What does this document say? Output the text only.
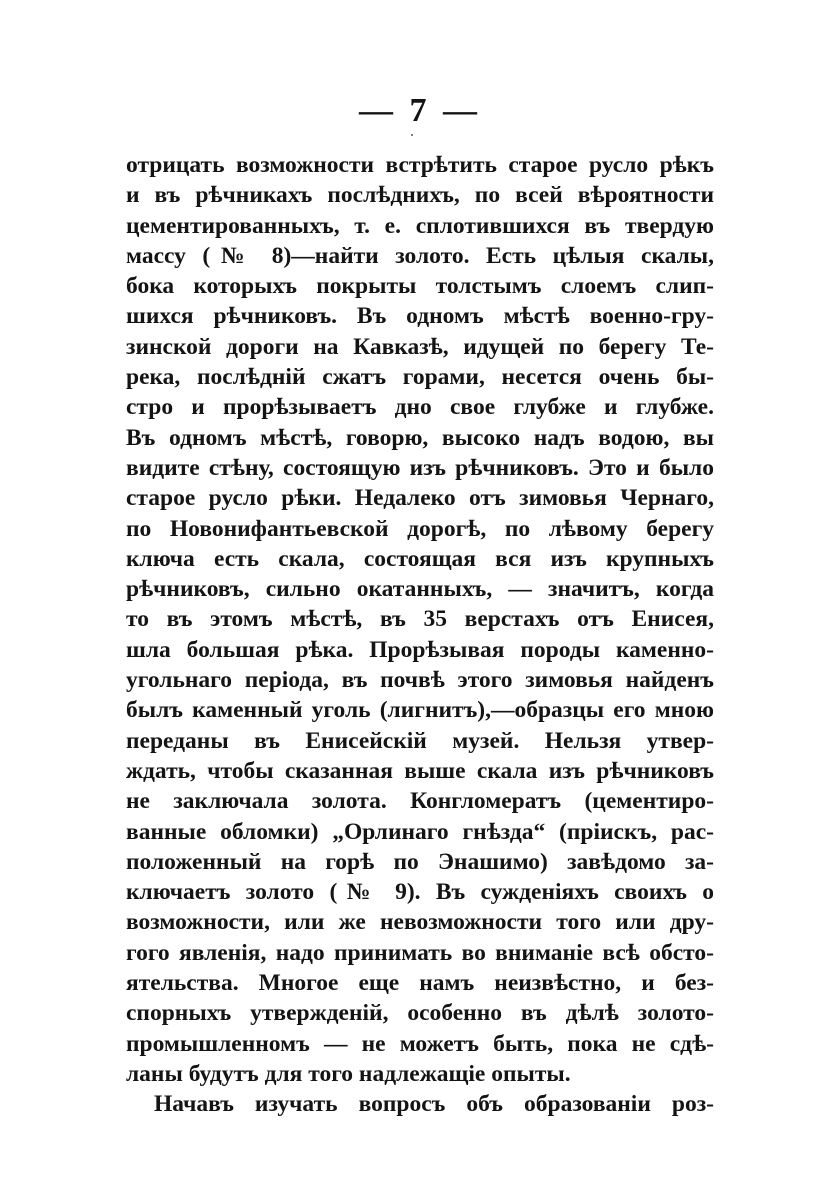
— 7 —
отрицать возможности встрѣтить старое русло рѣкъ
и въ рѣчникахъ послѣднихъ, по всей вѣроятности
цементированныхъ, т. е. сплотившихся въ твердую
массу (№ 8)—найти золото. Есть цѣлыя скалы,
бока которыхъ покрыты толстымъ слоемъ слип-
шихся рѣчниковъ. Въ одномъ мѣстѣ военно-гру-
зинской дороги на Кавказѣ, идущей по берегу Те-
река, послѣдній сжатъ горами, несется очень бы-
стро и прорѣзываетъ дно свое глубже и глубже.
Въ одномъ мѣстѣ, говорю, высоко надъ водою, вы
видите стѣну, состоящую изъ рѣчниковъ. Это и было
старое русло рѣки. Недалеко отъ зимовья Чернаго,
по Новонифантьевской дорогѣ, по лѣвому берегу
ключа есть скала, состоящая вся изъ крупныхъ
рѣчниковъ, сильно окатанныхъ, — значитъ, когда
то въ этомъ мѣстѣ, въ 35 верстахъ отъ Енисея,
шла большая рѣка. Прорѣзывая породы каменно-
угольнаго періода, въ почвѣ этого зимовья найденъ
былъ каменный уголь (лигнитъ),—образцы его мною
переданы въ Енисейскій музей. Нельзя утвер-
ждать, чтобы сказанная выше скала изъ рѣчниковъ
не заключала золота. Конгломератъ (цементиро-
ванные обломки) „Орлинаго гнѣзда“ (пріискъ, рас-
положенный на горѣ по Энашимо) завѣдомо за-
ключаетъ золото (№ 9). Въ сужденіяхъ своихъ о
возможности, или же невозможности того или дру-
гого явленія, надо принимать во вниманіе всѣ обсто-
ятельства. Многое еще намъ неизвѣстно, и без-
спорныхъ утвержденій, особенно въ дѣлѣ золото-
промышленномъ — не можетъ быть, пока не сдѣ-
ланы будутъ для того надлежащіе опыты.
Начавъ изучать вопросъ объ образованіи роз-
